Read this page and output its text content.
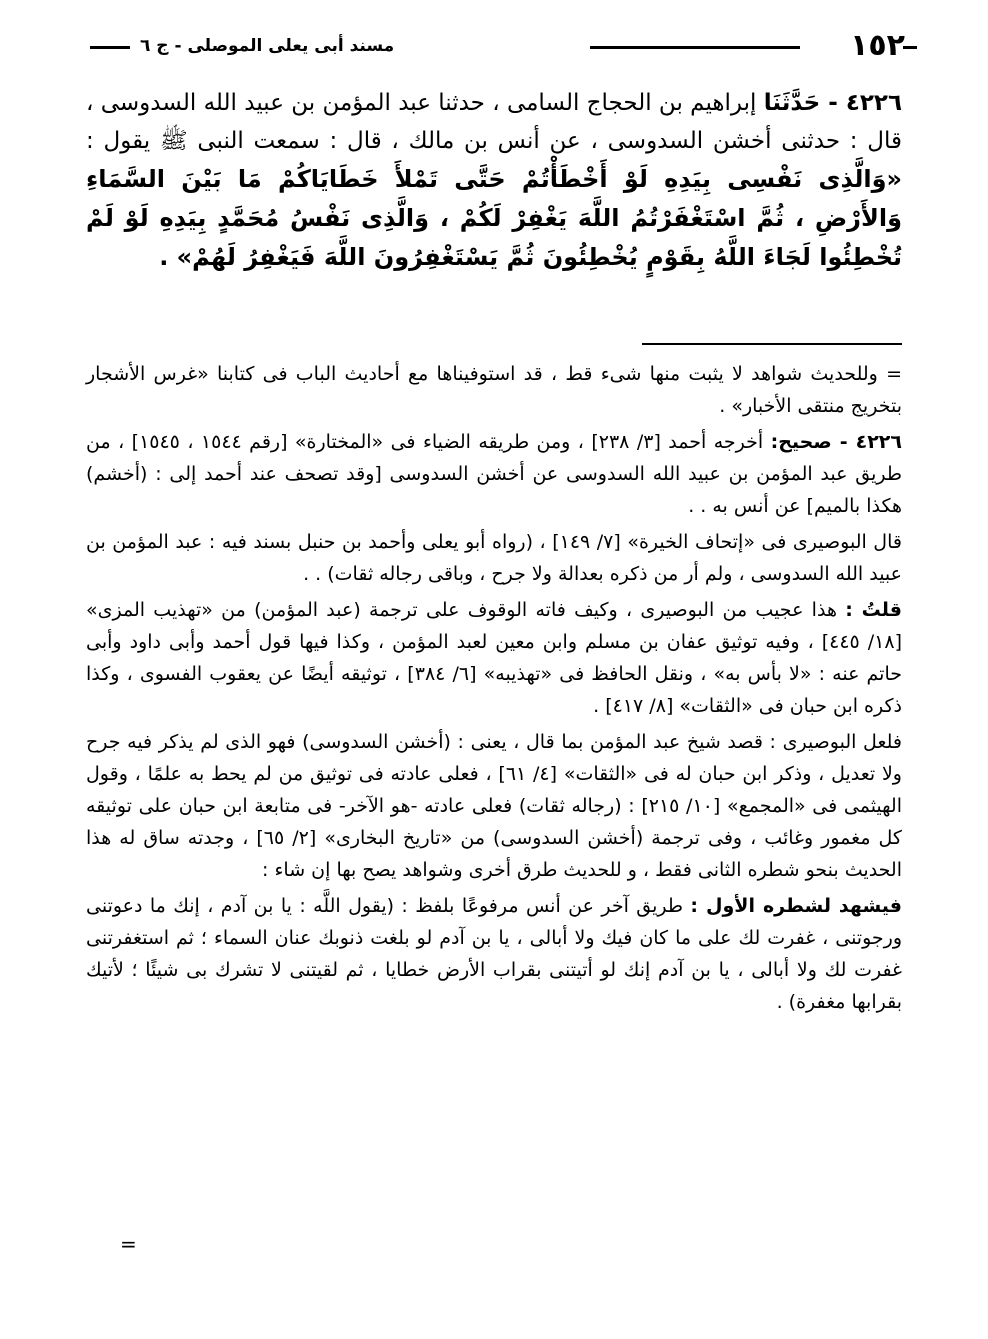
١٥٢
مسند أبى يعلى الموصلى - ج ٦

٤٢٢٦ - حَدَّثَنَا إبراهيم بن الحجاج السامى ، حدثنا عبد المؤمن بن عبيد الله السدوسى ، قال : حدثنى أخشن السدوسى ، عن أنس بن مالك ، قال : سمعت النبى ﷺ يقول : «وَالَّذِى نَفْسِى بِيَدِهِ لَوْ أَخْطَأْتُمْ حَتَّى تَمْلأَ خَطَايَاكُمْ مَا بَيْنَ السَّمَاءِ وَالأَرْضِ ، ثُمَّ اسْتَغْفَرْتُمُ اللَّهَ يَغْفِرْ لَكُمْ ، وَالَّذِى نَفْسُ مُحَمَّدٍ بِيَدِهِ لَوْ لَمْ تُخْطِئُوا لَجَاءَ اللَّهُ بِقَوْمٍ يُخْطِئُونَ ثُمَّ يَسْتَغْفِرُونَ اللَّهَ فَيَغْفِرُ لَهُمْ» .

= وللحديث شواهد لا يثبت منها شىء قط ، قد استوفيناها مع أحاديث الباب فى كتابنا «غرس الأشجار بتخريج منتقى الأخبار» .

٤٢٢٦ - صحيح: أخرجه أحمد [٣/ ٢٣٨] ، ومن طريقه الضياء فى «المختارة» [رقم ١٥٤٤ ، ١٥٤٥] ، من طريق عبد المؤمن بن عبيد الله السدوسى عن أخشن السدوسى [وقد تصحف عند أحمد إلى : (أخشم) هكذا بالميم] عن أنس به . .

قال البوصيرى فى «إتحاف الخيرة» [٧/ ١٤٩] ، (رواه أبو يعلى وأحمد بن حنبل بسند فيه : عبد المؤمن بن عبيد الله السدوسى ، ولم أر من ذكره بعدالة ولا جرح ، وباقى رجاله ثقات) . .

قلتُ : هذا عجيب من البوصيرى ، وكيف فاته الوقوف على ترجمة (عبد المؤمن) من «تهذيب المزى» [١٨/ ٤٤٥] ، وفيه توثيق عفان بن مسلم وابن معين لعبد المؤمن ، وكذا فيها قول أحمد وأبى داود وأبى حاتم عنه : «لا بأس به» ، ونقل الحافظ فى «تهذيبه» [٦/ ٣٨٤] ، توثيقه أيضًا عن يعقوب الفسوى ، وكذا ذكره ابن حبان فى «الثقات» [٨/ ٤١٧] .

فلعل البوصيرى : قصد شيخ عبد المؤمن بما قال ، يعنى : (أخشن السدوسى) فهو الذى لم يذكر فيه جرح ولا تعديل ، وذكر ابن حبان له فى «الثقات» [٤/ ٦١] ، فعلى عادته فى توثيق من لم يحط به علمًا ، وقول الهيثمى فى «المجمع» [١٠/ ٢١٥] : (رجاله ثقات) فعلى عادته -هو الآخر- فى متابعة ابن حبان على توثيقه كل مغمور وغائب ، وفى ترجمة (أخشن السدوسى) من «تاريخ البخارى» [٢/ ٦٥] ، وجدته ساق له هذا الحديث بنحو شطره الثانى فقط ، و للحديث طرق أخرى وشواهد يصح بها إن شاء :

فيشهد لشطره الأول : طريق آخر عن أنس مرفوعًا بلفظ : (يقول اللَّه : يا بن آدم ، إنك ما دعوتنى ورجوتنى ، غفرت لك على ما كان فيك ولا أبالى ، يا بن آدم لو بلغت ذنوبك عنان السماء ؛ ثم استغفرتنى غفرت لك ولا أبالى ، يا بن آدم إنك لو أتيتنى بقراب الأرض خطايا ، ثم لقيتنى لا تشرك بى شيئًا ؛ لأتيك بقرابها مغفرة) .

=
